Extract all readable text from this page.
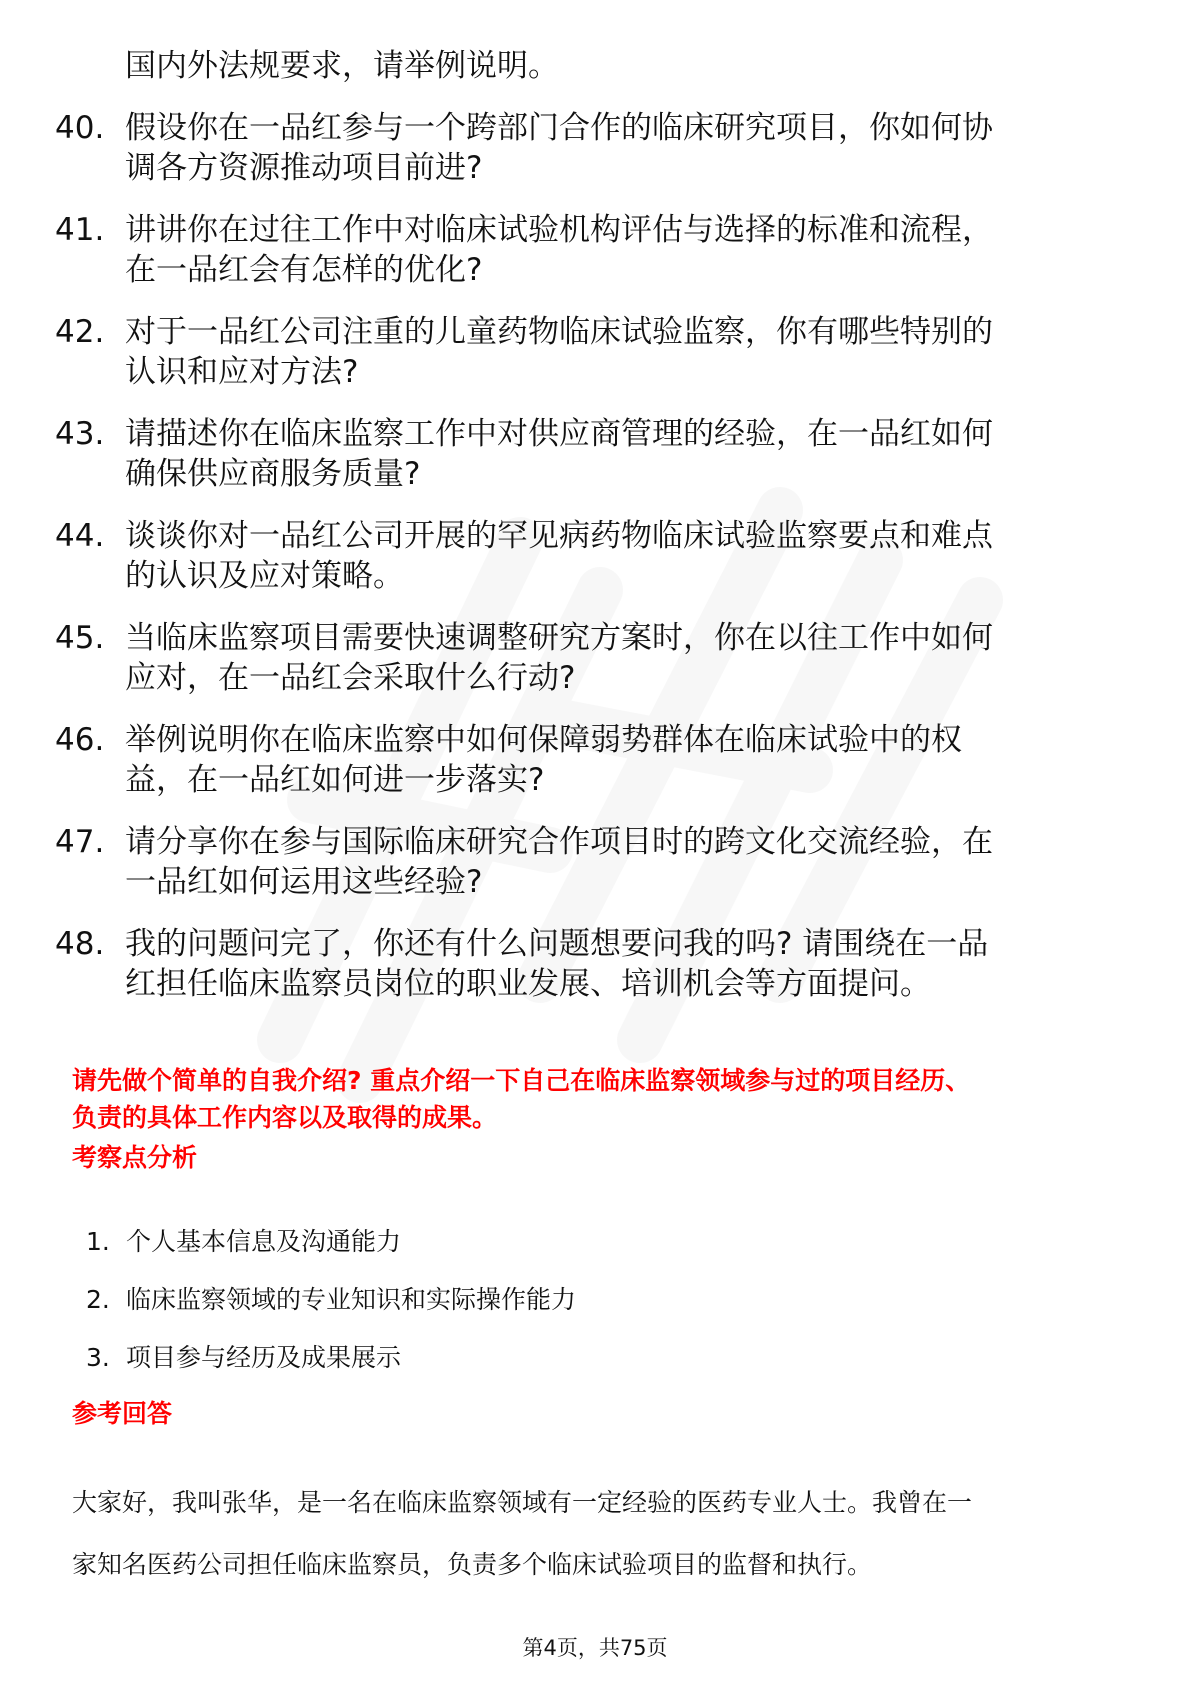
国内外法规要求，请举例说明。
40. 假设你在一品红参与一个跨部门合作的临床研究项目，你如何协
调各方资源推动项目前进?
41. 讲讲你在过往工作中对临床试验机构评估与选择的标准和流程，
在一品红会有怎样的优化?
42. 对于一品红公司注重的儿童药物临床试验监察，你有哪些特别的
认识和应对方法?
43. 请描述你在临床监察工作中对供应商管理的经验，在一品红如何
确保供应商服务质量?
44. 谈谈你对一品红公司开展的罕见病药物临床试验监察要点和难点
的认识及应对策略。
45. 当临床监察项目需要快速调整研究方案时，你在以往工作中如何
应对，在一品红会采取什么行动?
46. 举例说明你在临床监察中如何保障弱势群体在临床试验中的权
益，在一品红如何进一步落实?
47. 请分享你在参与国际临床研究合作项目时的跨文化交流经验，在
一品红如何运用这些经验?
48. 我的问题问完了，你还有什么问题想要问我的吗? 请围绕在一品
红担任临床监察员岗位的职业发展、培训机会等方面提问。
请先做个简单的自我介绍? 重点介绍一下自己在临床监察领域参与过的项目经历、
负责的具体工作内容以及取得的成果。
考察点分析
1. 个人基本信息及沟通能力
2. 临床监察领域的专业知识和实际操作能力
3. 项目参与经历及成果展示
参考回答
大家好，我叫张华，是一名在临床监察领域有一定经验的医药专业人士。我曾在一
家知名医药公司担任临床监察员，负责多个临床试验项目的监督和执行。
第4页，共75页
